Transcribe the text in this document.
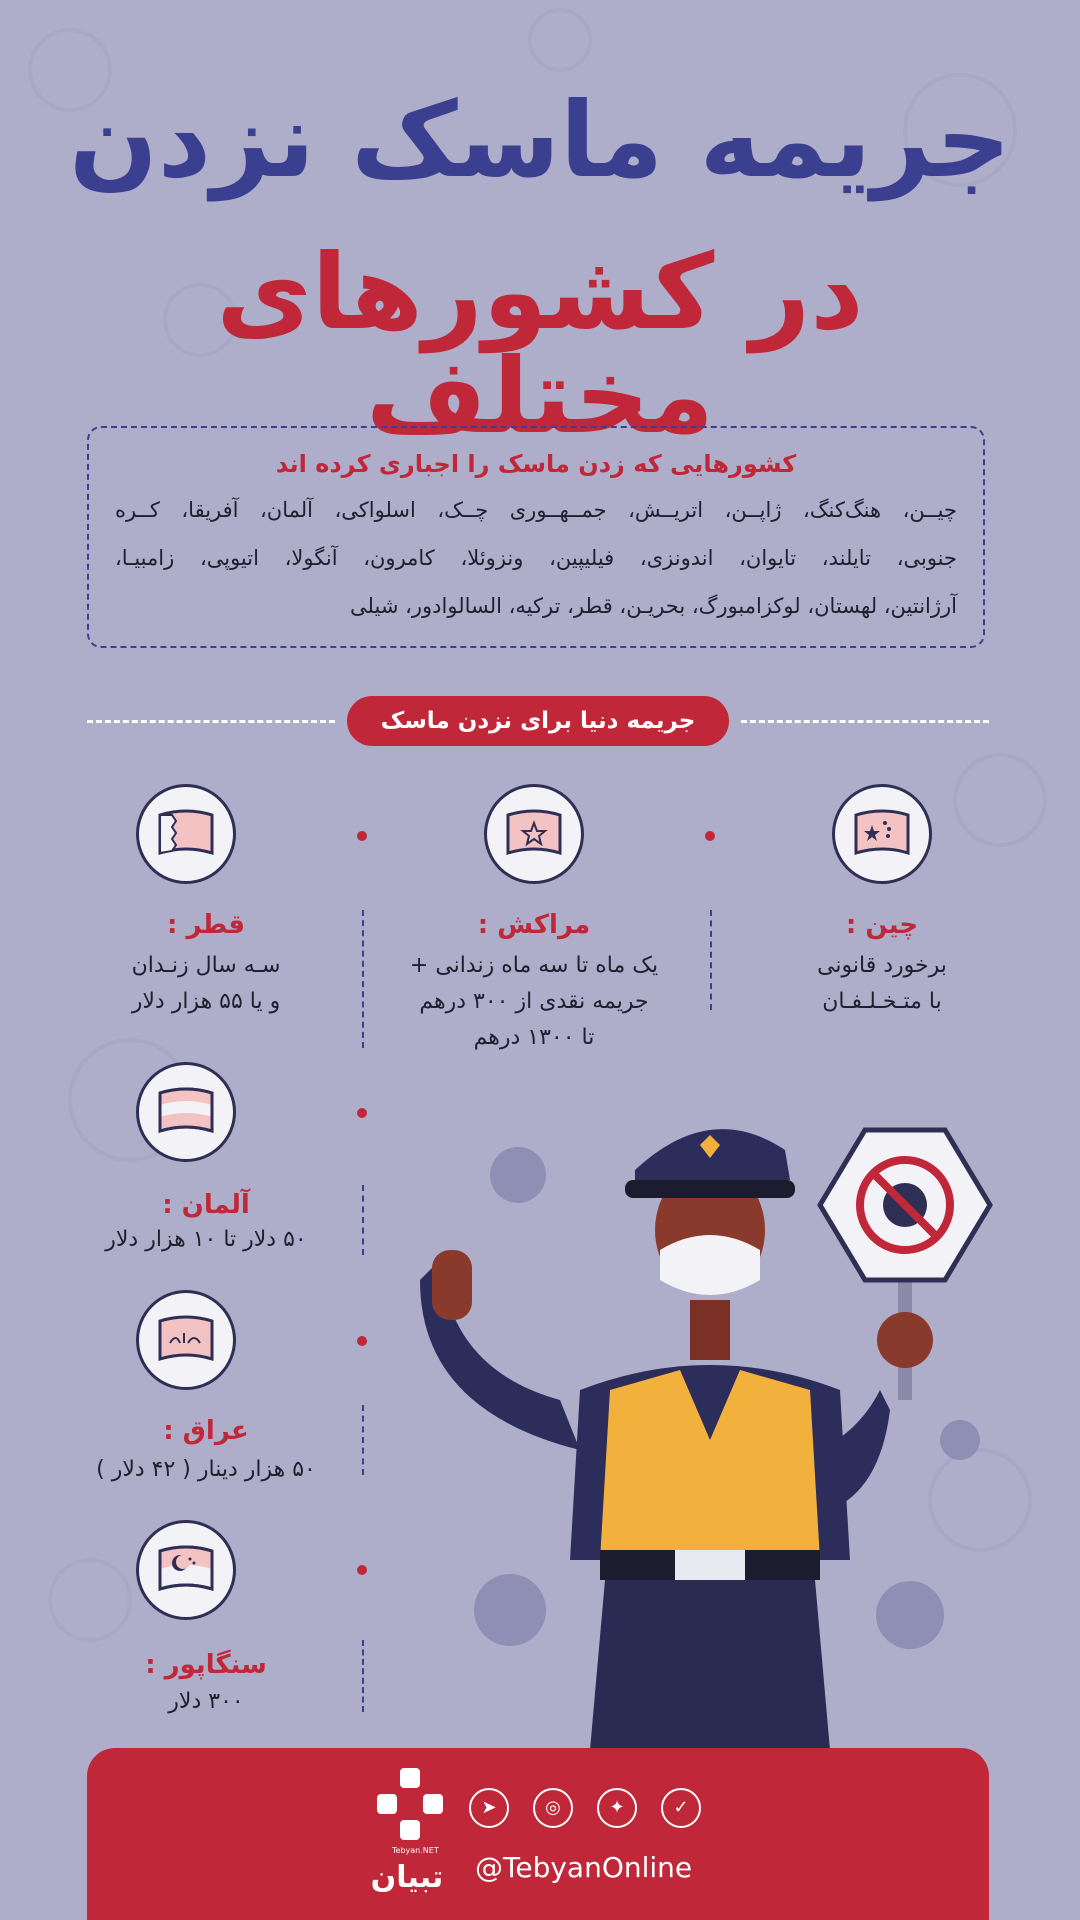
جریمه ماسک نزدن
در کشورهای مختلف
کشورهایی که زدن ماسک را اجباری کرده اند
چیــن، هنگ‌کنگ، ژاپــن، اتریــش، جمــهــوری چــک، اسلواکی، آلمان، آفریقا، کــره
جنوبی، تایلند، تایوان، اندونزی، فیلیپین، ونزوئلا، کامرون، آنگولا، اتیوپی، زامبیـا،
آرژانتین، لهستان، لوکزامبورگ، بحریـن، قطر، ترکیه، السالوادور، شیلی
جریمه دنیا برای نزدن ماسک
چین :
برخورد قانونی
با متـخـلـفـان
مراکش :
یک ماه تا سه ماه زندانی +
جریمه نقدی از ۳۰۰ درهم
تا ۱۳۰۰ درهم
قطر :
سـه سال زنـدان
و یا ۵۵ هزار دلار
آلمان :
۵۰ دلار تا ۱۰ هزار دلار
عراق :
۵۰ هزار دینار ( ۴۲ دلار )
سنگاپور :
۳۰۰ دلار
Tebyan.NET
تبیان
➤	◎	✦	✓
@TebyanOnline
